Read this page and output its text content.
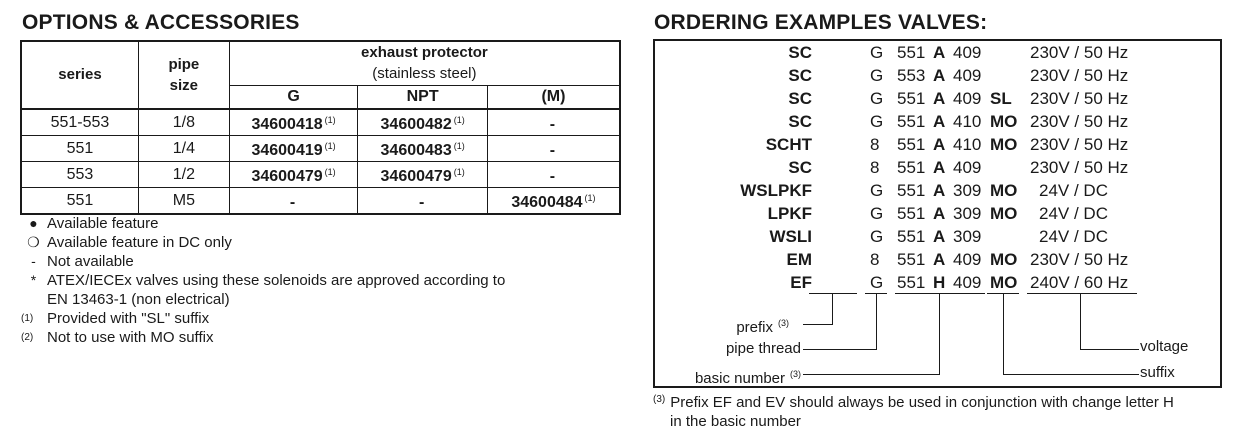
OPTIONS & ACCESSORIES
series	pipe size	exhaust protector
(stainless steel)		

		G	NPT	(M)
551-553	1/8	34600418 $^{(1)}$	34600482 $^{(1)}$	-
551	1/4	34600419 $^{(1)}$	34600483 $^{(1)}$	-
553	1/2	34600479 $^{(1)}$	34600479 $^{(1)}$	-
551	M5	-	-	34600484 $^{(1)}$
● Available feature
❍ Available feature in DC only
- Not available
* ATEX/IECEx valves using these solenoids are approved according to
EN 13463-1 (non electrical)
(1) Provided with "SL" suffix
(2) Not to use with MO suffix
ORDERING EXAMPLES VALVES:
SC	G 551 A 409	230V / 50 Hz
SC	G 553 A 409	230V / 50 Hz
SC	G 551 A 409 SL 230V / 50 Hz
SC	G 551 A 410 MO 230V / 50 Hz
SCHT	8 551 A 410 MO 230V / 50 Hz
SC	8 551 A 409	230V / 50 Hz
WSLPKF	G 551 A 309 MO 24V / DC
LPKF	G 551 A 309 MO 24V / DC
WSLI	G 551 A 309	24V / DC
EM	8 551 A 409 MO 230V / 50 Hz
EF	G 551 H 409 MO 240V / 60 Hz
prefix $^{(3)}$
pipe thread
basic number $^{(3)}$
voltage
suffix
$^{(3)}$ Prefix EF and EV should always be used in conjunction with change letter H
in the basic number
